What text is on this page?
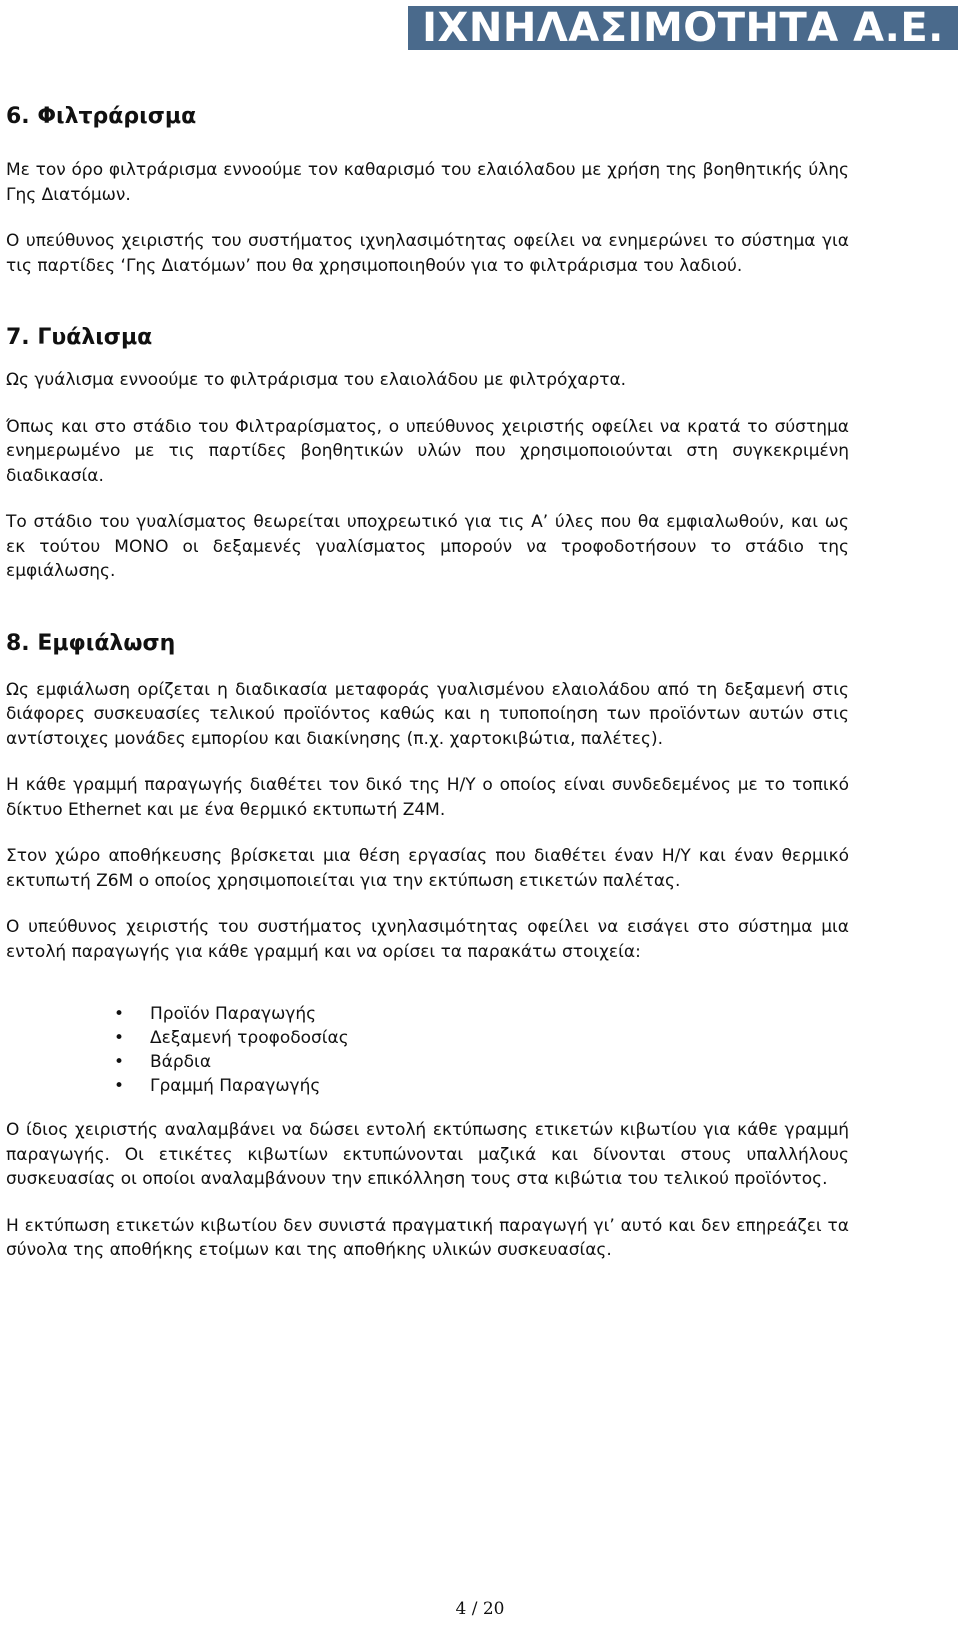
ΙΧΝΗΛΑΣΙΜΟΤΗΤΑ Α.Ε.
6. Φιλτράρισμα

Με τον όρο φιλτράρισμα εννοούμε τον καθαρισμό του ελαιόλαδου με χρήση της βοηθητικής ύλης Γης Διατόμων.

Ο υπεύθυνος χειριστής του συστήματος ιχνηλασιμότητας οφείλει να ενημερώνει το σύστημα για τις παρτίδες ‘Γης Διατόμων’ που θα χρησιμοποιηθούν για το φιλτράρισμα του λαδιού.

7. Γυάλισμα

Ως γυάλισμα εννοούμε το φιλτράρισμα του ελαιολάδου με φιλτρόχαρτα.

Όπως και στο στάδιο του Φιλτραρίσματος, ο υπεύθυνος χειριστής οφείλει να κρατά το σύστημα ενημερωμένο με τις παρτίδες βοηθητικών υλών που χρησιμοποιούνται στη συγκεκριμένη διαδικασία.

Το στάδιο του γυαλίσματος θεωρείται υποχρεωτικό για τις Α’ ύλες που θα εμφιαλωθούν, και ως εκ τούτου ΜΟΝΟ οι δεξαμενές γυαλίσματος μπορούν να τροφοδοτήσουν το στάδιο της εμφιάλωσης.

8. Εμφιάλωση

Ως εμφιάλωση ορίζεται η διαδικασία μεταφοράς γυαλισμένου ελαιολάδου από τη δεξαμενή στις διάφορες συσκευασίες τελικού προϊόντος καθώς και η τυποποίηση των προϊόντων αυτών στις αντίστοιχες μονάδες εμπορίου και διακίνησης (π.χ. χαρτοκιβώτια, παλέτες).

Η κάθε γραμμή παραγωγής διαθέτει τον δικό της Η/Υ ο οποίος είναι συνδεδεμένος με το τοπικό δίκτυο Ethernet και με ένα θερμικό εκτυπωτή Z4M.

Στον χώρο αποθήκευσης βρίσκεται μια θέση εργασίας που διαθέτει έναν Η/Υ και έναν θερμικό εκτυπωτή Z6M ο οποίος χρησιμοποιείται για την εκτύπωση ετικετών παλέτας.

Ο υπεύθυνος χειριστής του συστήματος ιχνηλασιμότητας οφείλει να εισάγει στο σύστημα μια εντολή παραγωγής για κάθε γραμμή και να ορίσει τα παρακάτω στοιχεία:

• Προϊόν Παραγωγής
• Δεξαμενή τροφοδοσίας
• Βάρδια
• Γραμμή Παραγωγής

Ο ίδιος χειριστής αναλαμβάνει να δώσει εντολή εκτύπωσης ετικετών κιβωτίου για κάθε γραμμή παραγωγής. Οι ετικέτες κιβωτίων εκτυπώνονται μαζικά και δίνονται στους υπαλλήλους συσκευασίας οι οποίοι αναλαμβάνουν την επικόλληση τους στα κιβώτια του τελικού προϊόντος.

Η εκτύπωση ετικετών κιβωτίου δεν συνιστά πραγματική παραγωγή γι’ αυτό και δεν επηρεάζει τα σύνολα της αποθήκης ετοίμων και της αποθήκης υλικών συσκευασίας.

4 / 20
